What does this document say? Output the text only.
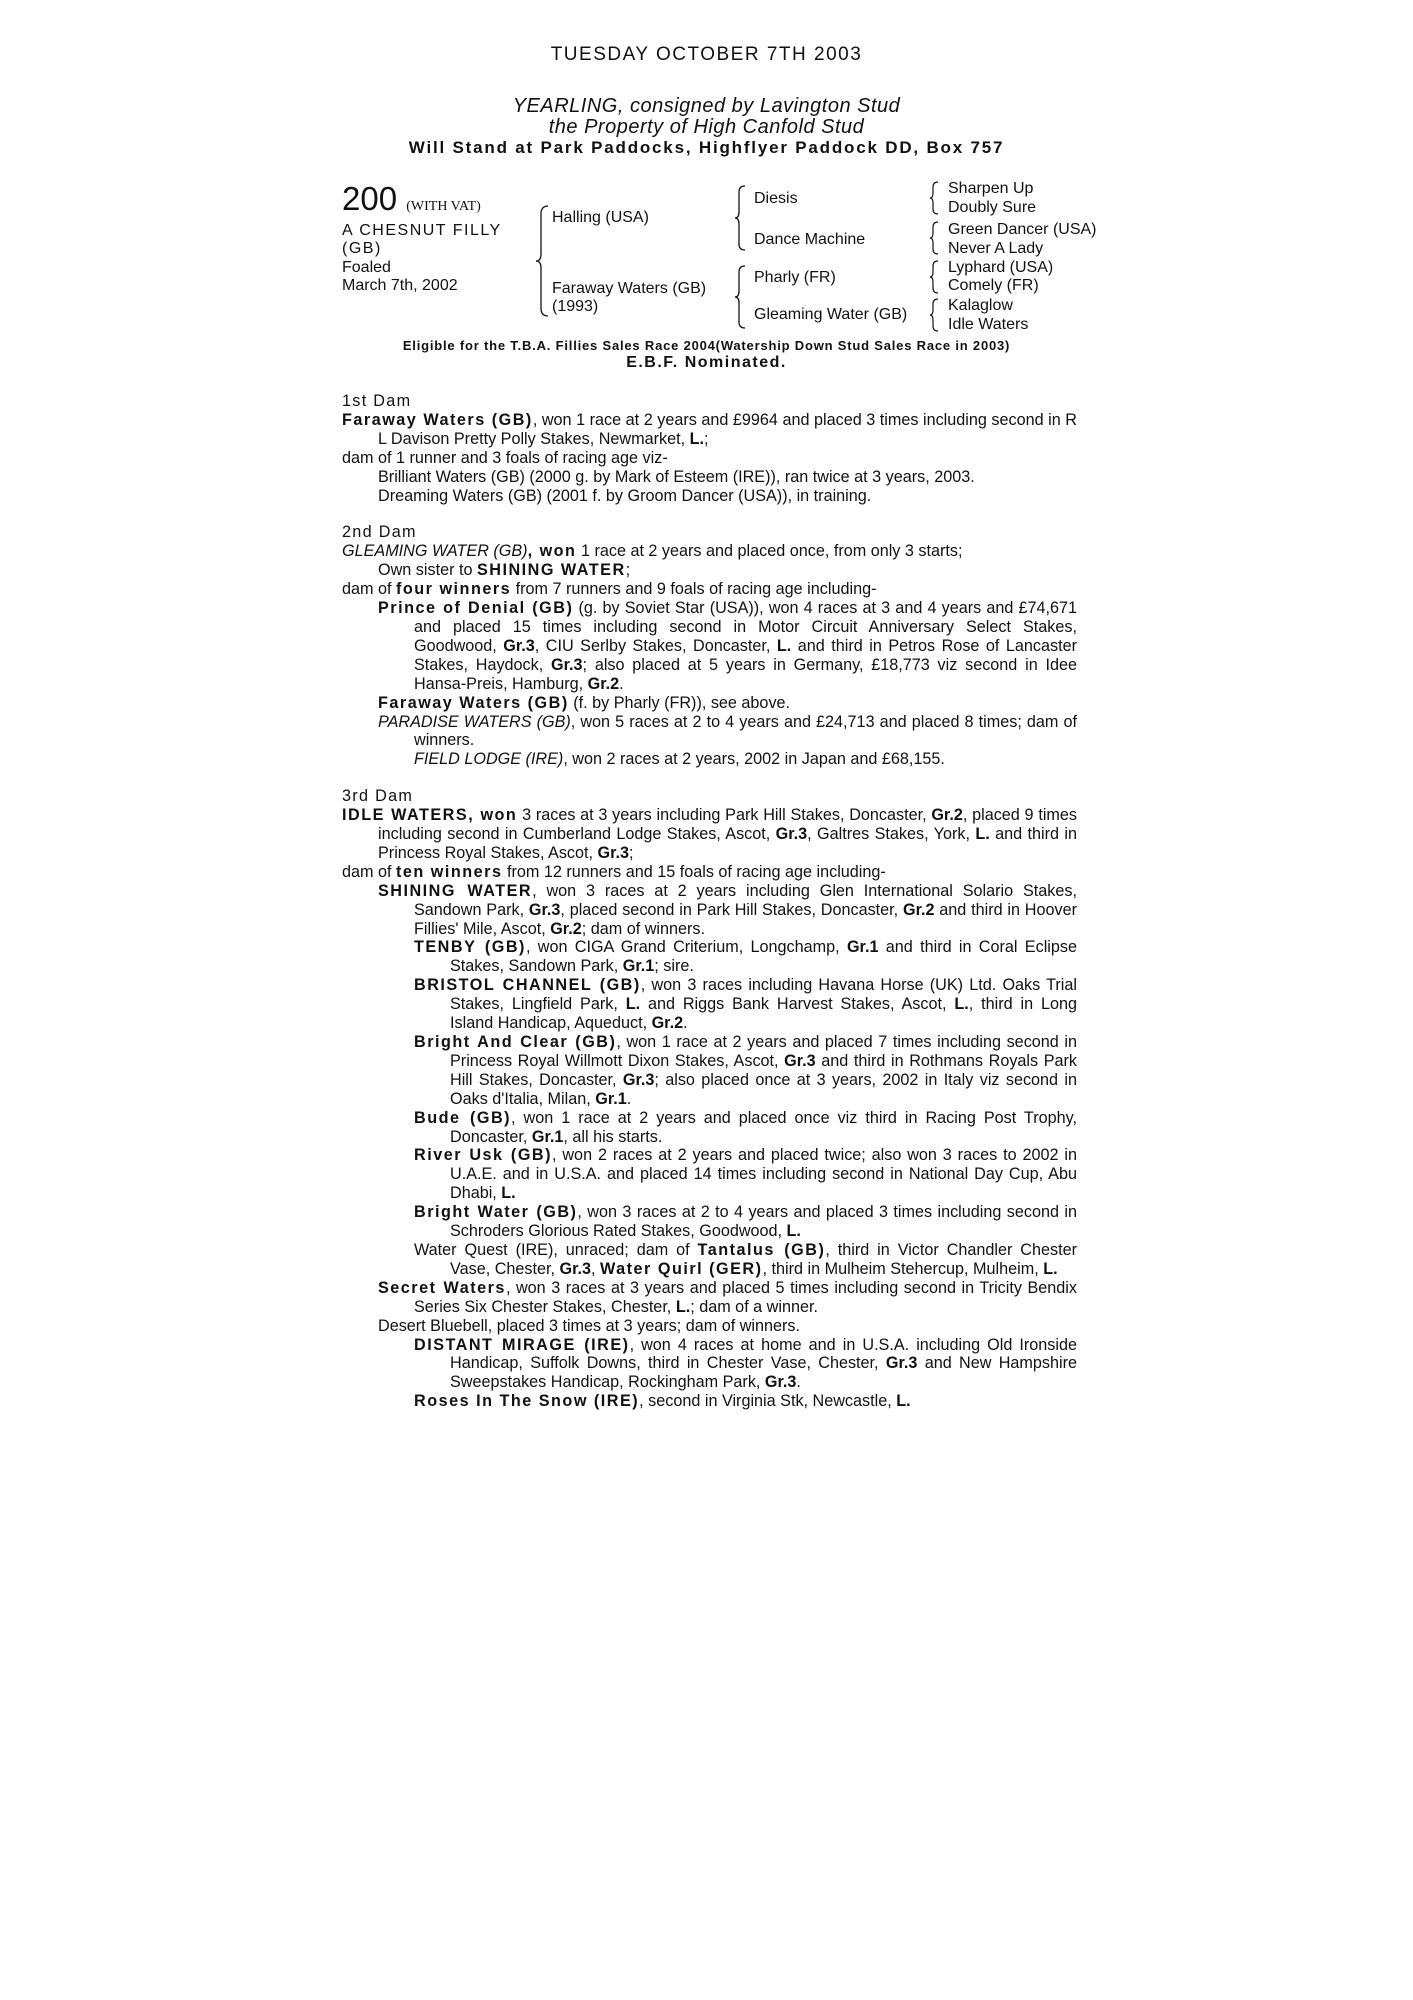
TUESDAY OCTOBER 7TH 2003
YEARLING, consigned by Lavington Stud
the Property of High Canfold Stud
Will Stand at Park Paddocks, Highflyer Paddock DD, Box 757
200 (WITH VAT)
A CHESNUT FILLY
(GB)
Foaled
March 7th, 2002
Halling (USA)
Faraway Waters (GB)
(1993)
Diesis
Dance Machine
Pharly (FR)
Gleaming Water (GB)
Sharpen Up
Doubly Sure
Green Dancer (USA)
Never A Lady
Lyphard (USA)
Comely (FR)
Kalaglow
Idle Waters
Eligible for the T.B.A. Fillies Sales Race 2004(Watership Down Stud Sales Race in 2003)
E.B.F. Nominated.

1st Dam

Faraway Waters (GB), won 1 race at 2 years and £9964 and placed 3 times including second in R L Davison Pretty Polly Stakes, Newmarket, L.;

dam of 1 runner and 3 foals of racing age viz-

Brilliant Waters (GB) (2000 g. by Mark of Esteem (IRE)), ran twice at 3 years, 2003.

Dreaming Waters (GB) (2001 f. by Groom Dancer (USA)), in training.

2nd Dam

GLEAMING WATER (GB), won 1 race at 2 years and placed once, from only 3 starts;

Own sister to SHINING WATER;

dam of four winners from 7 runners and 9 foals of racing age including-

Prince of Denial (GB) (g. by Soviet Star (USA)), won 4 races at 3 and 4 years and £74,671 and placed 15 times including second in Motor Circuit Anniversary Select Stakes, Goodwood, Gr.3, CIU Serlby Stakes, Doncaster, L. and third in Petros Rose of Lancaster Stakes, Haydock, Gr.3; also placed at 5 years in Germany, £18,773 viz second in Idee Hansa-Preis, Hamburg, Gr.2.

Faraway Waters (GB) (f. by Pharly (FR)), see above.

PARADISE WATERS (GB), won 5 races at 2 to 4 years and £24,713 and placed 8 times; dam of winners.

FIELD LODGE (IRE), won 2 races at 2 years, 2002 in Japan and £68,155.

3rd Dam

IDLE WATERS, won 3 races at 3 years including Park Hill Stakes, Doncaster, Gr.2, placed 9 times including second in Cumberland Lodge Stakes, Ascot, Gr.3, Galtres Stakes, York, L. and third in Princess Royal Stakes, Ascot, Gr.3;

dam of ten winners from 12 runners and 15 foals of racing age including-

SHINING WATER, won 3 races at 2 years including Glen International Solario Stakes, Sandown Park, Gr.3, placed second in Park Hill Stakes, Doncaster, Gr.2 and third in Hoover Fillies' Mile, Ascot, Gr.2; dam of winners.

TENBY (GB), won CIGA Grand Criterium, Longchamp, Gr.1 and third in Coral Eclipse Stakes, Sandown Park, Gr.1; sire.

BRISTOL CHANNEL (GB), won 3 races including Havana Horse (UK) Ltd. Oaks Trial Stakes, Lingfield Park, L. and Riggs Bank Harvest Stakes, Ascot, L., third in Long Island Handicap, Aqueduct, Gr.2.

Bright And Clear (GB), won 1 race at 2 years and placed 7 times including second in Princess Royal Willmott Dixon Stakes, Ascot, Gr.3 and third in Rothmans Royals Park Hill Stakes, Doncaster, Gr.3; also placed once at 3 years, 2002 in Italy viz second in Oaks d'Italia, Milan, Gr.1.

Bude (GB), won 1 race at 2 years and placed once viz third in Racing Post Trophy, Doncaster, Gr.1, all his starts.

River Usk (GB), won 2 races at 2 years and placed twice; also won 3 races to 2002 in U.A.E. and in U.S.A. and placed 14 times including second in National Day Cup, Abu Dhabi, L.

Bright Water (GB), won 3 races at 2 to 4 years and placed 3 times including second in Schroders Glorious Rated Stakes, Goodwood, L.

Water Quest (IRE), unraced; dam of Tantalus (GB), third in Victor Chandler Chester Vase, Chester, Gr.3, Water Quirl (GER), third in Mulheim Stehercup, Mulheim, L.

Secret Waters, won 3 races at 3 years and placed 5 times including second in Tricity Bendix Series Six Chester Stakes, Chester, L.; dam of a winner.

Desert Bluebell, placed 3 times at 3 years; dam of winners.

DISTANT MIRAGE (IRE), won 4 races at home and in U.S.A. including Old Ironside Handicap, Suffolk Downs, third in Chester Vase, Chester, Gr.3 and New Hampshire Sweepstakes Handicap, Rockingham Park, Gr.3.

Roses In The Snow (IRE), second in Virginia Stk, Newcastle, L.
